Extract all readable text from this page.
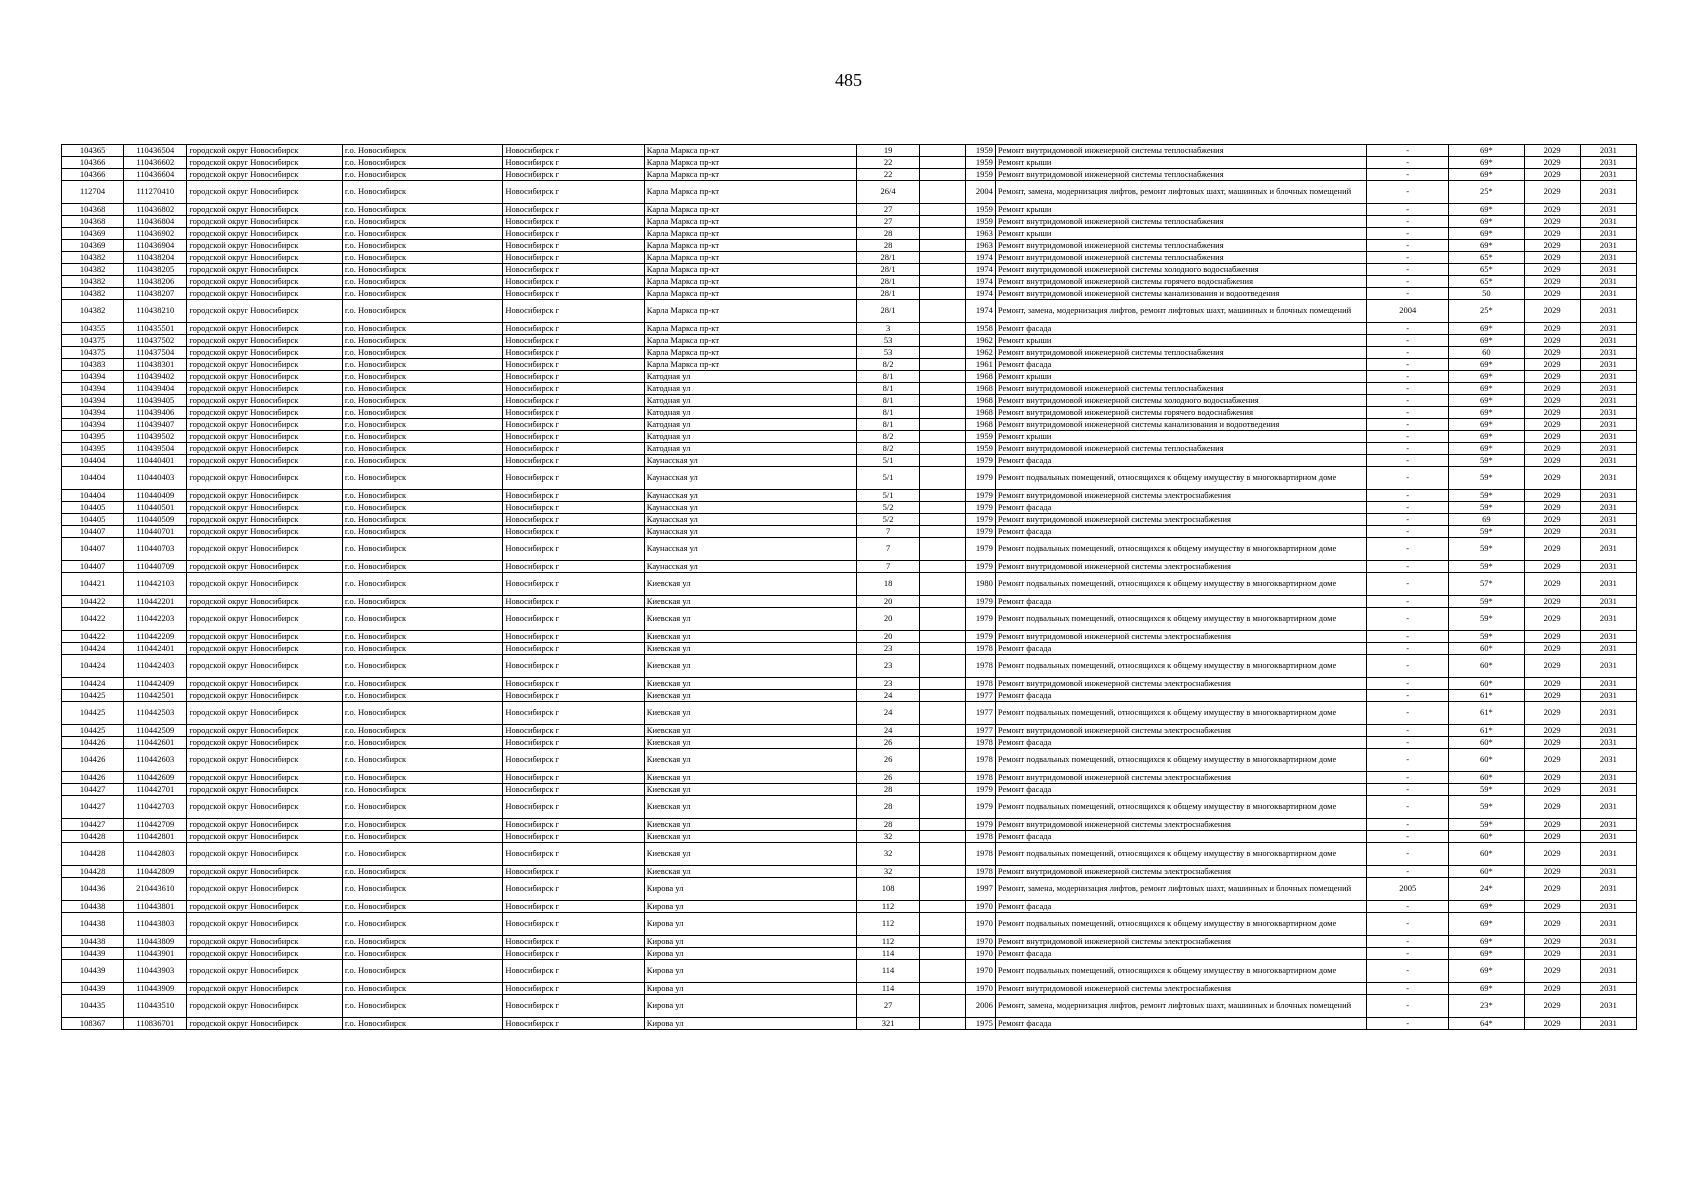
485
104365	110436504	городской округ Новосибирск	г.о. Новосибирск	Новосибирск г	Карла Маркса пр-кт	19		1959	Ремонт внутридомовой инженерной системы теплоснабжения	-	69*	2029	2031
104366	110436602	городской округ Новосибирск	г.о. Новосибирск	Новосибирск г	Карла Маркса пр-кт	22		1959	Ремонт крыши	-	69*	2029	2031
104366	110436604	городской округ Новосибирск	г.о. Новосибирск	Новосибирск г	Карла Маркса пр-кт	22		1959	Ремонт внутридомовой инженерной системы теплоснабжения	-	69*	2029	2031
112704	111270410	городской округ Новосибирск	г.о. Новосибирск	Новосибирск г	Карла Маркса пр-кт	26/4		2004	Ремонт, замена, модернизация лифтов, ремонт лифтовых шахт, машинных и блочных помещений	-	25*	2029	2031
104368	110436802	городской округ Новосибирск	г.о. Новосибирск	Новосибирск г	Карла Маркса пр-кт	27		1959	Ремонт крыши	-	69*	2029	2031
104368	110436804	городской округ Новосибирск	г.о. Новосибирск	Новосибирск г	Карла Маркса пр-кт	27		1959	Ремонт внутридомовой инженерной системы теплоснабжения	-	69*	2029	2031
104369	110436902	городской округ Новосибирск	г.о. Новосибирск	Новосибирск г	Карла Маркса пр-кт	28		1963	Ремонт крыши	-	69*	2029	2031
104369	110436904	городской округ Новосибирск	г.о. Новосибирск	Новосибирск г	Карла Маркса пр-кт	28		1963	Ремонт внутридомовой инженерной системы теплоснабжения	-	69*	2029	2031
104382	110438204	городской округ Новосибирск	г.о. Новосибирск	Новосибирск г	Карла Маркса пр-кт	28/1		1974	Ремонт внутридомовой инженерной системы теплоснабжения	-	65*	2029	2031
104382	110438205	городской округ Новосибирск	г.о. Новосибирск	Новосибирск г	Карла Маркса пр-кт	28/1		1974	Ремонт внутридомовой инженерной системы холодного водоснабжения	-	65*	2029	2031
104382	110438206	городской округ Новосибирск	г.о. Новосибирск	Новосибирск г	Карла Маркса пр-кт	28/1		1974	Ремонт внутридомовой инженерной системы горячего водоснабжения	-	65*	2029	2031
104382	110438207	городской округ Новосибирск	г.о. Новосибирск	Новосибирск г	Карла Маркса пр-кт	28/1		1974	Ремонт внутридомовой инженерной системы канализования и водоотведения	-	50	2029	2031
104382	110438210	городской округ Новосибирск	г.о. Новосибирск	Новосибирск г	Карла Маркса пр-кт	28/1		1974	Ремонт, замена, модернизация лифтов, ремонт лифтовых шахт, машинных и блочных помещений	2004	25*	2029	2031
104355	110435501	городской округ Новосибирск	г.о. Новосибирск	Новосибирск г	Карла Маркса пр-кт	3		1958	Ремонт фасада	-	69*	2029	2031
104375	110437502	городской округ Новосибирск	г.о. Новосибирск	Новосибирск г	Карла Маркса пр-кт	53		1962	Ремонт крыши	-	69*	2029	2031
104375	110437504	городской округ Новосибирск	г.о. Новосибирск	Новосибирск г	Карла Маркса пр-кт	53		1962	Ремонт внутридомовой инженерной системы теплоснабжения	-	60	2029	2031
104383	110438301	городской округ Новосибирск	г.о. Новосибирск	Новосибирск г	Карла Маркса пр-кт	8/2		1961	Ремонт фасада	-	69*	2029	2031
104394	110439402	городской округ Новосибирск	г.о. Новосибирск	Новосибирск г	Катодная ул	8/1		1968	Ремонт крыши	-	69*	2029	2031
104394	110439404	городской округ Новосибирск	г.о. Новосибирск	Новосибирск г	Катодная ул	8/1		1968	Ремонт внутридомовой инженерной системы теплоснабжения	-	69*	2029	2031
104394	110439405	городской округ Новосибирск	г.о. Новосибирск	Новосибирск г	Катодная ул	8/1		1968	Ремонт внутридомовой инженерной системы холодного водоснабжения	-	69*	2029	2031
104394	110439406	городской округ Новосибирск	г.о. Новосибирск	Новосибирск г	Катодная ул	8/1		1968	Ремонт внутридомовой инженерной системы горячего водоснабжения	-	69*	2029	2031
104394	110439407	городской округ Новосибирск	г.о. Новосибирск	Новосибирск г	Катодная ул	8/1		1968	Ремонт внутридомовой инженерной системы канализования и водоотведения	-	69*	2029	2031
104395	110439502	городской округ Новосибирск	г.о. Новосибирск	Новосибирск г	Катодная ул	8/2		1959	Ремонт крыши	-	69*	2029	2031
104395	110439504	городской округ Новосибирск	г.о. Новосибирск	Новосибирск г	Катодная ул	8/2		1959	Ремонт внутридомовой инженерной системы теплоснабжения	-	69*	2029	2031
104404	110440401	городской округ Новосибирск	г.о. Новосибирск	Новосибирск г	Каунасская ул	5/1		1979	Ремонт фасада	-	59*	2029	2031
104404	110440403	городской округ Новосибирск	г.о. Новосибирск	Новосибирск г	Каунасская ул	5/1		1979	Ремонт подвальных помещений, относящихся к общему имуществу в многоквартирном доме	-	59*	2029	2031
104404	110440409	городской округ Новосибирск	г.о. Новосибирск	Новосибирск г	Каунасская ул	5/1		1979	Ремонт внутридомовой инженерной системы электроснабжения	-	59*	2029	2031
104405	110440501	городской округ Новосибирск	г.о. Новосибирск	Новосибирск г	Каунасская ул	5/2		1979	Ремонт фасада	-	59*	2029	2031
104405	110440509	городской округ Новосибирск	г.о. Новосибирск	Новосибирск г	Каунасская ул	5/2		1979	Ремонт внутридомовой инженерной системы электроснабжения	-	69	2029	2031
104407	110440701	городской округ Новосибирск	г.о. Новосибирск	Новосибирск г	Каунасская ул	7		1979	Ремонт фасада	-	59*	2029	2031
104407	110440703	городской округ Новосибирск	г.о. Новосибирск	Новосибирск г	Каунасская ул	7		1979	Ремонт подвальных помещений, относящихся к общему имуществу в многоквартирном доме	-	59*	2029	2031
104407	110440709	городской округ Новосибирск	г.о. Новосибирск	Новосибирск г	Каунасская ул	7		1979	Ремонт внутридомовой инженерной системы электроснабжения	-	59*	2029	2031
104421	110442103	городской округ Новосибирск	г.о. Новосибирск	Новосибирск г	Киевская ул	18		1980	Ремонт подвальных помещений, относящихся к общему имуществу в многоквартирном доме	-	57*	2029	2031
104422	110442201	городской округ Новосибирск	г.о. Новосибирск	Новосибирск г	Киевская ул	20		1979	Ремонт фасада	-	59*	2029	2031
104422	110442203	городской округ Новосибирск	г.о. Новосибирск	Новосибирск г	Киевская ул	20		1979	Ремонт подвальных помещений, относящихся к общему имуществу в многоквартирном доме	-	59*	2029	2031
104422	110442209	городской округ Новосибирск	г.о. Новосибирск	Новосибирск г	Киевская ул	20		1979	Ремонт внутридомовой инженерной системы электроснабжения	-	59*	2029	2031
104424	110442401	городской округ Новосибирск	г.о. Новосибирск	Новосибирск г	Киевская ул	23		1978	Ремонт фасада	-	60*	2029	2031
104424	110442403	городской округ Новосибирск	г.о. Новосибирск	Новосибирск г	Киевская ул	23		1978	Ремонт подвальных помещений, относящихся к общему имуществу в многоквартирном доме	-	60*	2029	2031
104424	110442409	городской округ Новосибирск	г.о. Новосибирск	Новосибирск г	Киевская ул	23		1978	Ремонт внутридомовой инженерной системы электроснабжения	-	60*	2029	2031
104425	110442501	городской округ Новосибирск	г.о. Новосибирск	Новосибирск г	Киевская ул	24		1977	Ремонт фасада	-	61*	2029	2031
104425	110442503	городской округ Новосибирск	г.о. Новосибирск	Новосибирск г	Киевская ул	24		1977	Ремонт подвальных помещений, относящихся к общему имуществу в многоквартирном доме	-	61*	2029	2031
104425	110442509	городской округ Новосибирск	г.о. Новосибирск	Новосибирск г	Киевская ул	24		1977	Ремонт внутридомовой инженерной системы электроснабжения	-	61*	2029	2031
104426	110442601	городской округ Новосибирск	г.о. Новосибирск	Новосибирск г	Киевская ул	26		1978	Ремонт фасада	-	60*	2029	2031
104426	110442603	городской округ Новосибирск	г.о. Новосибирск	Новосибирск г	Киевская ул	26		1978	Ремонт подвальных помещений, относящихся к общему имуществу в многоквартирном доме	-	60*	2029	2031
104426	110442609	городской округ Новосибирск	г.о. Новосибирск	Новосибирск г	Киевская ул	26		1978	Ремонт внутридомовой инженерной системы электроснабжения	-	60*	2029	2031
104427	110442701	городской округ Новосибирск	г.о. Новосибирск	Новосибирск г	Киевская ул	28		1979	Ремонт фасада	-	59*	2029	2031
104427	110442703	городской округ Новосибирск	г.о. Новосибирск	Новосибирск г	Киевская ул	28		1979	Ремонт подвальных помещений, относящихся к общему имуществу в многоквартирном доме	-	59*	2029	2031
104427	110442709	городской округ Новосибирск	г.о. Новосибирск	Новосибирск г	Киевская ул	28		1979	Ремонт внутридомовой инженерной системы электроснабжения	-	59*	2029	2031
104428	110442801	городской округ Новосибирск	г.о. Новосибирск	Новосибирск г	Киевская ул	32		1978	Ремонт фасада	-	60*	2029	2031
104428	110442803	городской округ Новосибирск	г.о. Новосибирск	Новосибирск г	Киевская ул	32		1978	Ремонт подвальных помещений, относящихся к общему имуществу в многоквартирном доме	-	60*	2029	2031
104428	110442809	городской округ Новосибирск	г.о. Новосибирск	Новосибирск г	Киевская ул	32		1978	Ремонт внутридомовой инженерной системы электроснабжения	-	60*	2029	2031
104436	210443610	городской округ Новосибирск	г.о. Новосибирск	Новосибирск г	Кирова ул	108		1997	Ремонт, замена, модернизация лифтов, ремонт лифтовых шахт, машинных и блочных помещений	2005	24*	2029	2031
104438	110443801	городской округ Новосибирск	г.о. Новосибирск	Новосибирск г	Кирова ул	112		1970	Ремонт фасада	-	69*	2029	2031
104438	110443803	городской округ Новосибирск	г.о. Новосибирск	Новосибирск г	Кирова ул	112		1970	Ремонт подвальных помещений, относящихся к общему имуществу в многоквартирном доме	-	69*	2029	2031
104438	110443809	городской округ Новосибирск	г.о. Новосибирск	Новосибирск г	Кирова ул	112		1970	Ремонт внутридомовой инженерной системы электроснабжения	-	69*	2029	2031
104439	110443901	городской округ Новосибирск	г.о. Новосибирск	Новосибирск г	Кирова ул	114		1970	Ремонт фасада	-	69*	2029	2031
104439	110443903	городской округ Новосибирск	г.о. Новосибирск	Новосибирск г	Кирова ул	114		1970	Ремонт подвальных помещений, относящихся к общему имуществу в многоквартирном доме	-	69*	2029	2031
104439	110443909	городской округ Новосибирск	г.о. Новосибирск	Новосибирск г	Кирова ул	114		1970	Ремонт внутридомовой инженерной системы электроснабжения	-	69*	2029	2031
104435	110443510	городской округ Новосибирск	г.о. Новосибирск	Новосибирск г	Кирова ул	27		2006	Ремонт, замена, модернизация лифтов, ремонт лифтовых шахт, машинных и блочных помещений	-	23*	2029	2031
108367	110836701	городской округ Новосибирск	г.о. Новосибирск	Новосибирск г	Кирова ул	321		1975	Ремонт фасада	-	64*	2029	2031
